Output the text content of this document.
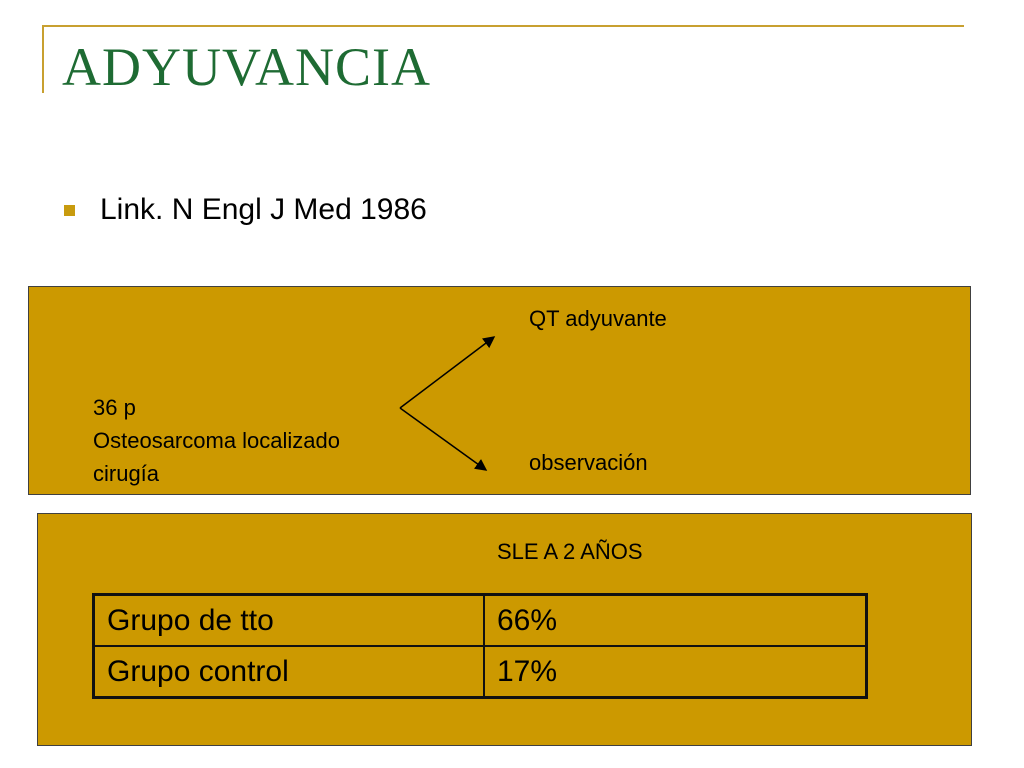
ADYUVANCIA
Link. N Engl J Med 1986
QT adyuvante
36 p
Osteosarcoma localizado
cirugía	observación
SLE A 2 AÑOS
Grupo de tto	66%
Grupo control	17%
